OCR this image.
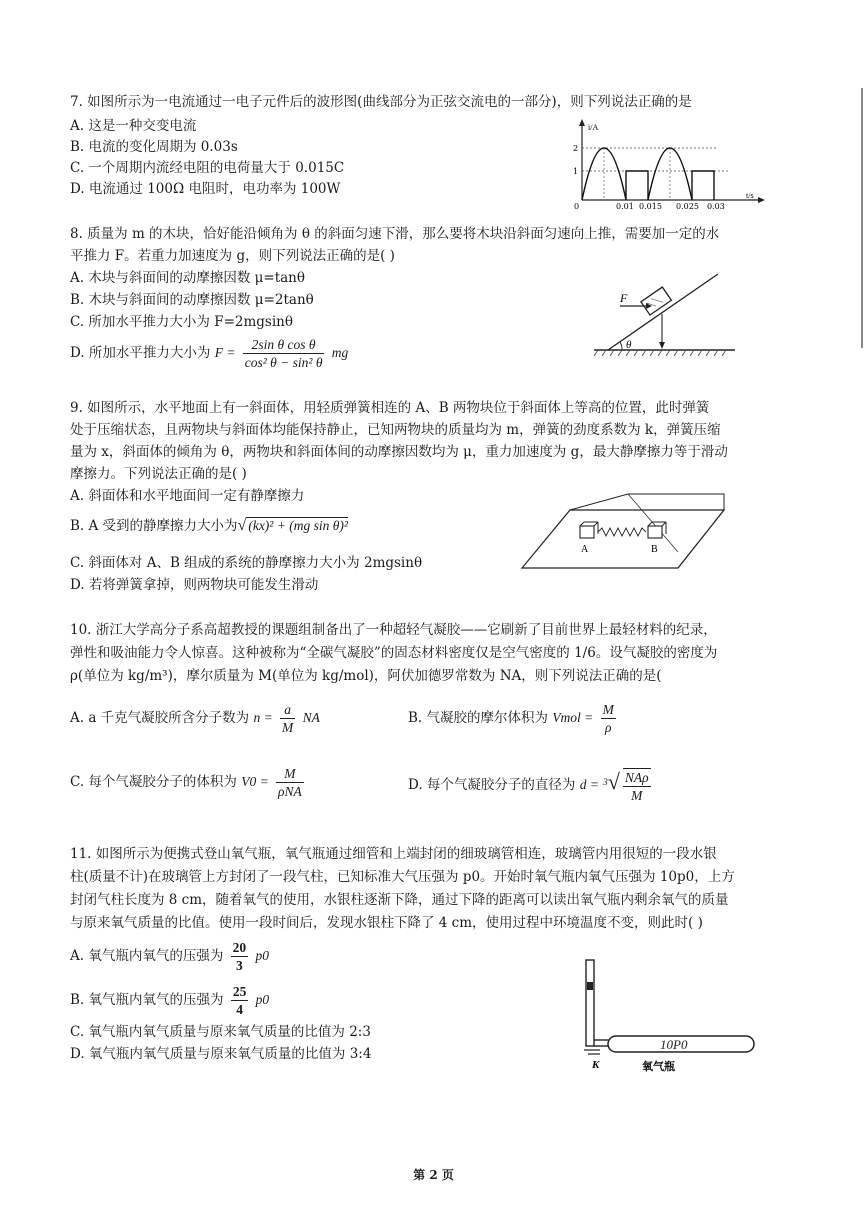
7. 如图所示为一电流通过一电子元件后的波形图(曲线部分为正弦交流电的一部分)，则下列说法正确的是
A. 这是一种交变电流
B. 电流的变化周期为 0.03s
C. 一个周期内流经电阻的电荷量大于 0.015C
D. 电流通过 100Ω 电阻时，电功率为 100W
i/A
t/s
2
1
0	0.01 0.015 0.025 0.03
8. 质量为 m 的木块，恰好能沿倾角为 θ 的斜面匀速下滑，那么要将木块沿斜面匀速向上推，需要加一定的水
平推力 F。若重力加速度为 g，则下列说法正确的是( )
A. 木块与斜面间的动摩擦因数 μ=tanθ
B. 木块与斜面间的动摩擦因数 μ=2tanθ
C. 所加水平推力大小为 F=2mgsinθ
D. 所加水平推力大小为 $F = \frac{\text{2sin θ cos θ}}{\text{cos² θ − sin² θ}}$ mg	θ
F
9. 如图所示，水平地面上有一斜面体，用轻质弹簧相连的 A、B 两物块位于斜面体上等高的位置，此时弹簧
处于压缩状态，且两物块与斜面体均能保持静止，已知两物块的质量均为 m，弹簧的劲度系数为 k，弹簧压缩
量为 x，斜面体的倾角为 θ，两物块和斜面体间的动摩擦因数均为 μ，重力加速度为 g，最大静摩擦力等于滑动
摩擦力。下列说法正确的是( )
A. 斜面体和水平地面间一定有静摩擦力
B. A 受到的静摩擦力大小为√ (kx)² + (mg sin θ)²
C. 斜面体对 A、B 组成的系统的静摩擦力大小为 2mgsinθ
D. 若将弹簧拿掉，则两物块可能发生滑动
A	B
10. 浙江大学高分子系高超教授的课题组制备出了一种超轻气凝胶——它刷新了目前世界上最轻材料的纪录，
弹性和吸油能力令人惊喜。这种被称为“全碳气凝胶”的固态材料密度仅是空气密度的 1/6。设气凝胶的密度为
ρ(单位为 kg/m³)，摩尔质量为 M(单位为 kg/mol)，阿伏加德罗常数为 NA，则下列说法正确的是(
A. a 千克气凝胶所含分子数为 $n = \frac{a}{M}$ NA	B. 气凝胶的摩尔体积为 Vmol = $\frac{M}{\rho}$
C. 每个气凝胶分子的体积为 $V0 = \frac{M}{\text{ρNA}}$	D. 每个气凝胶分子的直径为 $d = ^3√ \frac{\text{NAρ}}{M}$
11. 如图所示为便携式登山氧气瓶，氧气瓶通过细管和上端封闭的细玻璃管相连，玻璃管内用很短的一段水银
柱(质量不计)在玻璃管上方封闭了一段气柱，已知标准大气压强为 p0。开始时氧气瓶内氧气压强为 10p0，上方
封闭气柱长度为 8 cm，随着氧气的使用，水银柱逐渐下降，通过下降的距离可以读出氧气瓶内剩余氧气的质量
与原来氧气质量的比值。使用一段时间后，发现水银柱下降了 4 cm，使用过程中环境温度不变，则此时( )
A. 氧气瓶内氧气的压强为 $\frac{20}{3} p0$
B. 氧气瓶内氧气的压强为 $\frac{25}{4} p0$
C. 氧气瓶内氧气质量与原来氧气质量的比值为 2:3
D. 氧气瓶内氧气质量与原来氧气质量的比值为 3:4
K
10P0
氧气瓶
第 2 页
